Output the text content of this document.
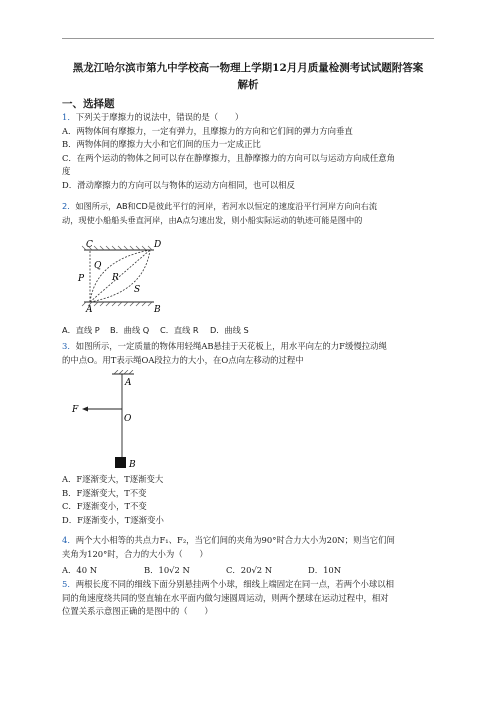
黑龙江哈尔滨市第九中学校高一物理上学期12月月质量检测考试试题附答案
解析
一、选择题
1．下列关于摩擦力的说法中，错误的是（　　）
A．两物体间有摩擦力，一定有弹力，且摩擦力的方向和它们间的弹力方向垂直
B．两物体间的摩擦力大小和它们间的压力一定成正比
C．在两个运动的物体之间可以存在静摩擦力，且静摩擦力的方向可以与运动方向成任意角
度
D．滑动摩擦力的方向可以与物体的运动方向相同，也可以相反
2．如图所示，AB和CD是彼此平行的河岸，若河水以恒定的速度沿平行河岸方向向右流
动，现使小船船头垂直河岸，由A点匀速出发，则小船实际运动的轨迹可能是图中的
C	D
P
Q
R
S
A	B
A．直线 P	B．曲线 Q	C．直线 R	D．曲线 S
3．如图所示，一定质量的物体用轻绳AB悬挂于天花板上，用水平向左的力F缓慢拉动绳
的中点O。用T表示绳OA段拉力的大小，在O点向左移动的过程中
A
O
F
B
A．F逐渐变大，T逐渐变大
B．F逐渐变大，T不变
C．F逐渐变小，T不变
D．F逐渐变小，T逐渐变小
4．两个大小相等的共点力F₁、F₂，当它们间的夹角为90°时合力大小为20N；则当它们间
夹角为120°时，合力的大小为（　　）
A．40 N	B．10√2 N	C．20√2 N	D．10N
5．两根长度不同的细线下面分别悬挂两个小球，细线上端固定在同一点，若两个小球以相
同的角速度绕共同的竖直轴在水平面内做匀速圆周运动，则两个摆球在运动过程中，相对
位置关系示意图正确的是图中的（　　）
